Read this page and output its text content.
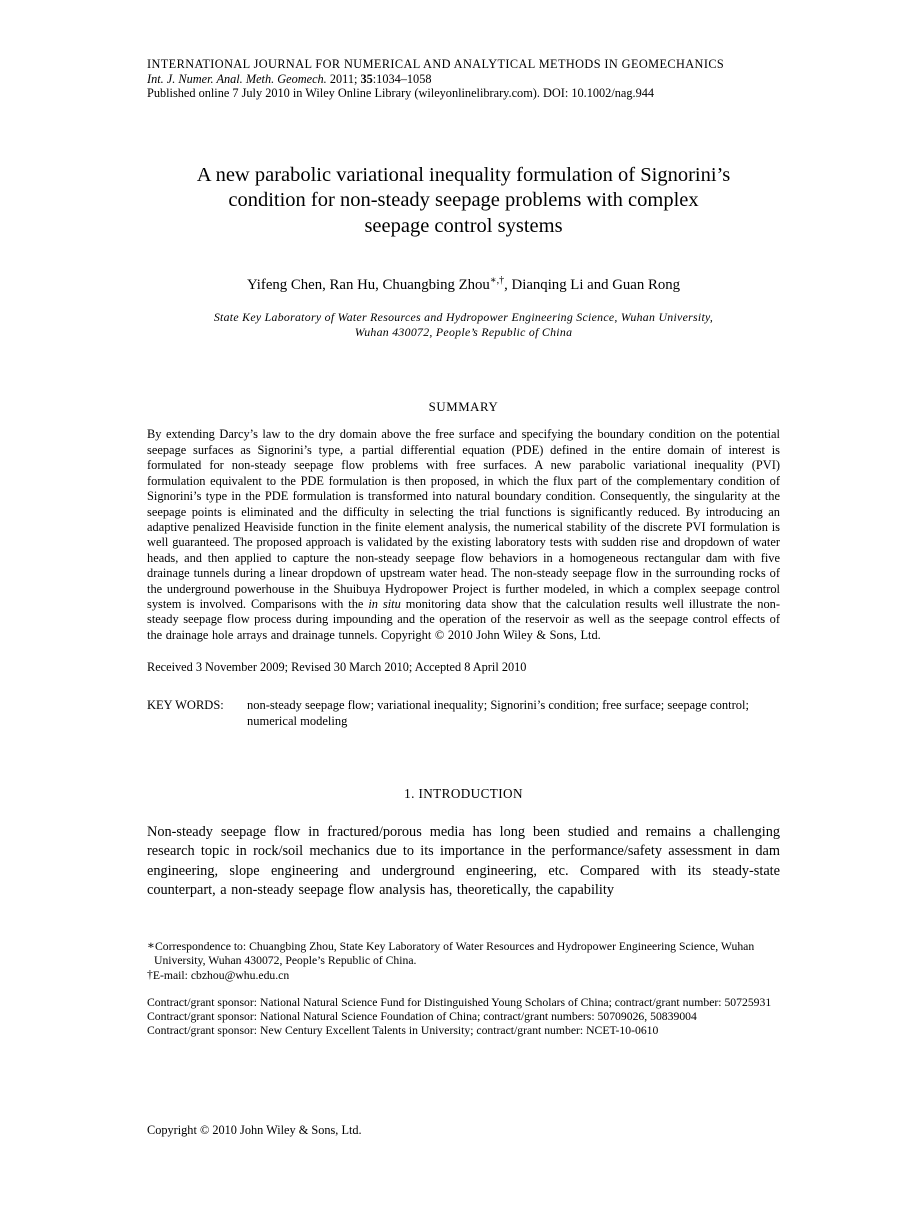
INTERNATIONAL JOURNAL FOR NUMERICAL AND ANALYTICAL METHODS IN GEOMECHANICS
Int. J. Numer. Anal. Meth. Geomech. 2011; 35:1034–1058
Published online 7 July 2010 in Wiley Online Library (wileyonlinelibrary.com). DOI: 10.1002/nag.944
A new parabolic variational inequality formulation of Signorini’s
condition for non-steady seepage problems with complex
seepage control systems
Yifeng Chen, Ran Hu, Chuangbing Zhou∗,†, Dianqing Li and Guan Rong
State Key Laboratory of Water Resources and Hydropower Engineering Science, Wuhan University,
Wuhan 430072, People’s Republic of China
SUMMARY

By extending Darcy’s law to the dry domain above the free surface and specifying the boundary condition on the potential seepage surfaces as Signorini’s type, a partial differential equation (PDE) defined in the entire domain of interest is formulated for non-steady seepage flow problems with free surfaces. A new parabolic variational inequality (PVI) formulation equivalent to the PDE formulation is then proposed, in which the flux part of the complementary condition of Signorini’s type in the PDE formulation is transformed into natural boundary condition. Consequently, the singularity at the seepage points is eliminated and the difficulty in selecting the trial functions is significantly reduced. By introducing an adaptive penalized Heaviside function in the finite element analysis, the numerical stability of the discrete PVI formulation is well guaranteed. The proposed approach is validated by the existing laboratory tests with sudden rise and dropdown of water heads, and then applied to capture the non-steady seepage flow behaviors in a homogeneous rectangular dam with five drainage tunnels during a linear dropdown of upstream water head. The non-steady seepage flow in the surrounding rocks of the underground powerhouse in the Shuibuya Hydropower Project is further modeled, in which a complex seepage control system is involved. Comparisons with the in situ monitoring data show that the calculation results well illustrate the non-steady seepage flow process during impounding and the operation of the reservoir as well as the seepage control effects of the drainage hole arrays and drainage tunnels. Copyright © 2010 John Wiley & Sons, Ltd.

Received 3 November 2009; Revised 30 March 2010; Accepted 8 April 2010
KEY WORDS:	non-steady seepage flow; variational inequality; Signorini’s condition; free surface; seepage control; numerical modeling
1. INTRODUCTION

Non-steady seepage flow in fractured/porous media has long been studied and remains a challenging research topic in rock/soil mechanics due to its importance in the performance/safety assessment in dam engineering, slope engineering and underground engineering, etc. Compared with its steady-state counterpart, a non-steady seepage flow analysis has, theoretically, the capability

∗Correspondence to: Chuangbing Zhou, State Key Laboratory of Water Resources and Hydropower Engineering Science, Wuhan University, Wuhan 430072, People’s Republic of China.
†E-mail: cbzhou@whu.edu.cn
Contract/grant sponsor: National Natural Science Fund for Distinguished Young Scholars of China; contract/grant number: 50725931
Contract/grant sponsor: National Natural Science Foundation of China; contract/grant numbers: 50709026, 50839004
Contract/grant sponsor: New Century Excellent Talents in University; contract/grant number: NCET-10-0610
Copyright © 2010 John Wiley & Sons, Ltd.
